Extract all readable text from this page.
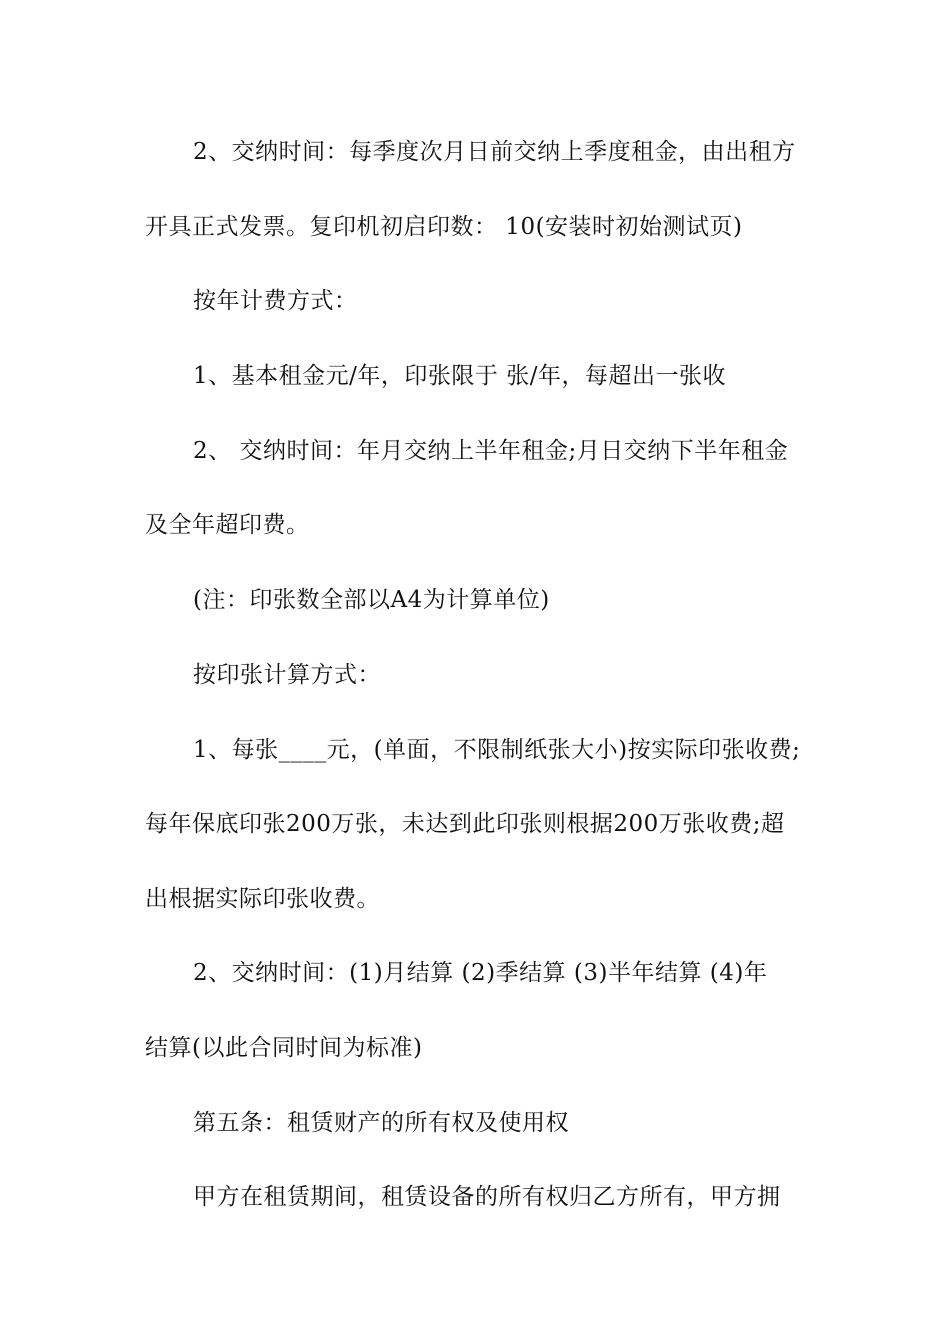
2、交纳时间：每季度次月日前交纳上季度租金，由出租方
开具正式发票。复印机初启印数： 10(安装时初始测试页)
按年计费方式：
1、基本租金元/年，印张限于 张/年，每超出一张收
2、 交纳时间：年月交纳上半年租金;月日交纳下半年租金
及全年超印费。
(注：印张数全部以A4为计算单位)
按印张计算方式：
1、每张____元，(单面，不限制纸张大小)按实际印张收费;
每年保底印张200万张，未达到此印张则根据200万张收费;超
出根据实际印张收费。
2、交纳时间：(1)月结算 (2)季结算 (3)半年结算 (4)年
结算(以此合同时间为标准)
第五条：租赁财产的所有权及使用权
甲方在租赁期间，租赁设备的所有权归乙方所有，甲方拥
